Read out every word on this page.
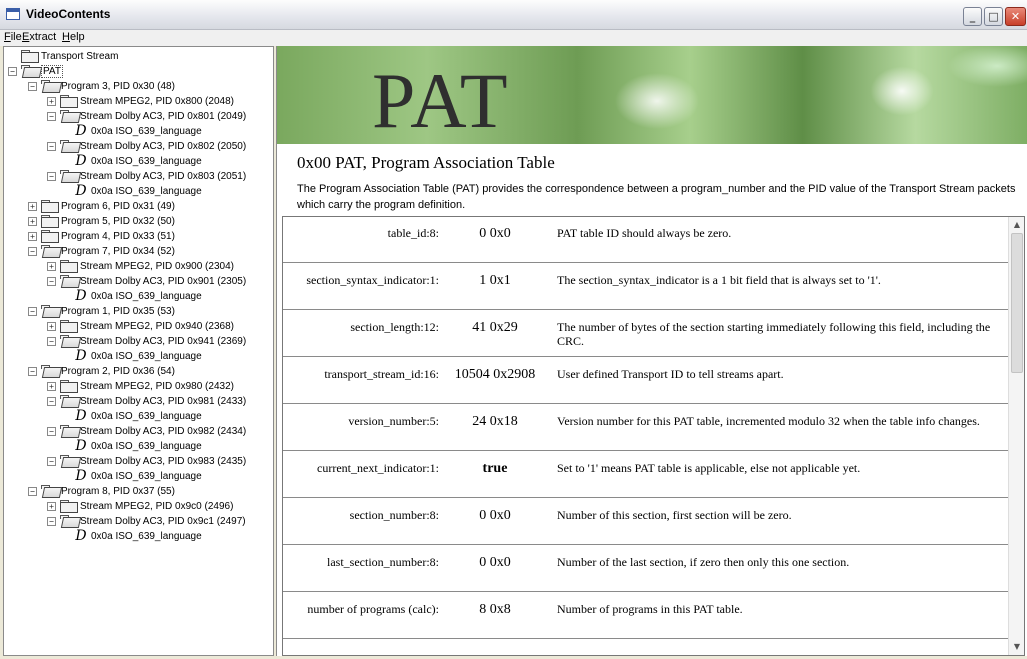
VideoContents	_ □ ✕
File Extract Help
Transport Stream
−	PAT
−	Program 3, PID 0x30 (48)
+	Stream MPEG2, PID 0x800 (2048)
−	Stream Dolby AC3, PID 0x801 (2049)
D 0x0a ISO_639_language
−	Stream Dolby AC3, PID 0x802 (2050)
D 0x0a ISO_639_language
−	Stream Dolby AC3, PID 0x803 (2051)
D 0x0a ISO_639_language
+	Program 6, PID 0x31 (49)
+	Program 5, PID 0x32 (50)
+	Program 4, PID 0x33 (51)
−	Program 7, PID 0x34 (52)
+	Stream MPEG2, PID 0x900 (2304)
−	Stream Dolby AC3, PID 0x901 (2305)
D 0x0a ISO_639_language
−	Program 1, PID 0x35 (53)
+	Stream MPEG2, PID 0x940 (2368)
−	Stream Dolby AC3, PID 0x941 (2369)
D 0x0a ISO_639_language
−	Program 2, PID 0x36 (54)
+	Stream MPEG2, PID 0x980 (2432)
−	Stream Dolby AC3, PID 0x981 (2433)
D 0x0a ISO_639_language
−	Stream Dolby AC3, PID 0x982 (2434)
D 0x0a ISO_639_language
−	Stream Dolby AC3, PID 0x983 (2435)
D 0x0a ISO_639_language
−	Program 8, PID 0x37 (55)
+	Stream MPEG2, PID 0x9c0 (2496)
−	Stream Dolby AC3, PID 0x9c1 (2497)
D 0x0a ISO_639_language
PAT
0x00 PAT, Program Association Table
The Program Association Table (PAT) provides the correspondence between a program_number and the PID value of the Transport Stream packets which carry the program definition.
table_id:8:	0 0x0	PAT table ID should always be zero.
section_syntax_indicator:1:	1 0x1	The section_syntax_indicator is a 1 bit field that is always set to '1'.
section_length:12:	41 0x29	The number of bytes of the section starting immediately following this field, including the CRC.
transport_stream_id:16:	10504 0x2908	User defined Transport ID to tell streams apart.
version_number:5:	24 0x18	Version number for this PAT table, incremented modulo 32 when the table info changes.
current_next_indicator:1:	true	Set to '1' means PAT table is applicable, else not applicable yet.
section_number:8:	0 0x0	Number of this section, first section will be zero.
last_section_number:8:	0 0x0	Number of the last section, if zero then only this one section.
number of programs (calc):	8 0x8	Number of programs in this PAT table.
▲
▼
